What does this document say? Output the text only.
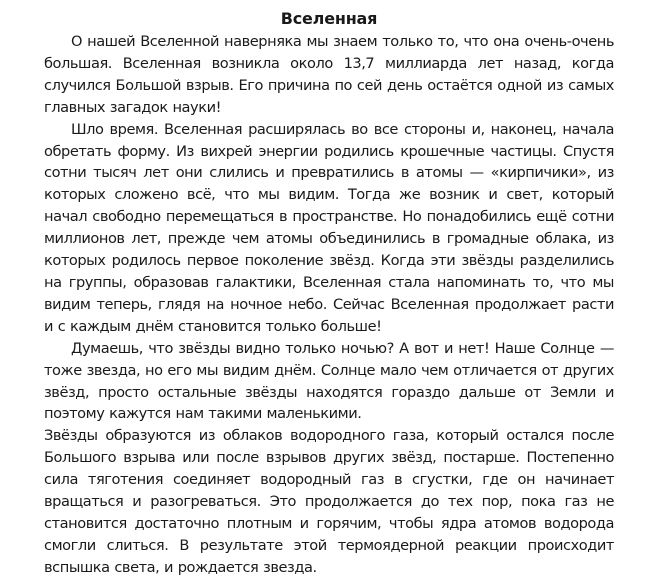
Вселенная

О нашей Вселенной наверняка мы знаем только то, что она очень-очень большая. Вселенная возникла около 13,7 миллиарда лет назад, когда случился Большой взрыв. Его причина по сей день остаётся одной из самых главных загадок науки!

Шло время. Вселенная расширялась во все стороны и, наконец, начала обретать форму. Из вихрей энергии родились крошечные частицы. Спустя сотни тысяч лет они слились и превратились в атомы — «кирпичики», из которых сложено всё, что мы видим. Тогда же возник и свет, который начал свободно перемещаться в пространстве. Но понадобились ещё сотни миллионов лет, прежде чем атомы объединились в громадные облака, из которых родилось первое поколение звёзд. Когда эти звёзды разделились на группы, образовав галактики, Вселенная стала напоминать то, что мы видим теперь, глядя на ночное небо. Сейчас Вселенная продолжает расти и с каждым днём становится только больше!

Думаешь, что звёзды видно только ночью? А вот и нет! Наше Солнце — тоже звезда, но его мы видим днём. Солнце мало чем отличается от других звёзд, просто остальные звёзды находятся гораздо дальше от Земли и поэтому кажутся нам такими маленькими.

Звёзды образуются из облаков водородного газа, который остался после Большого взрыва или после взрывов других звёзд, постарше. Постепенно сила тяготения соединяет водородный газ в сгустки, где он начинает вращаться и разогреваться. Это продолжается до тех пор, пока газ не становится достаточно плотным и горячим, чтобы ядра атомов водорода смогли слиться. В результате этой термоядерной реакции происходит вспышка света, и рождается звезда.
